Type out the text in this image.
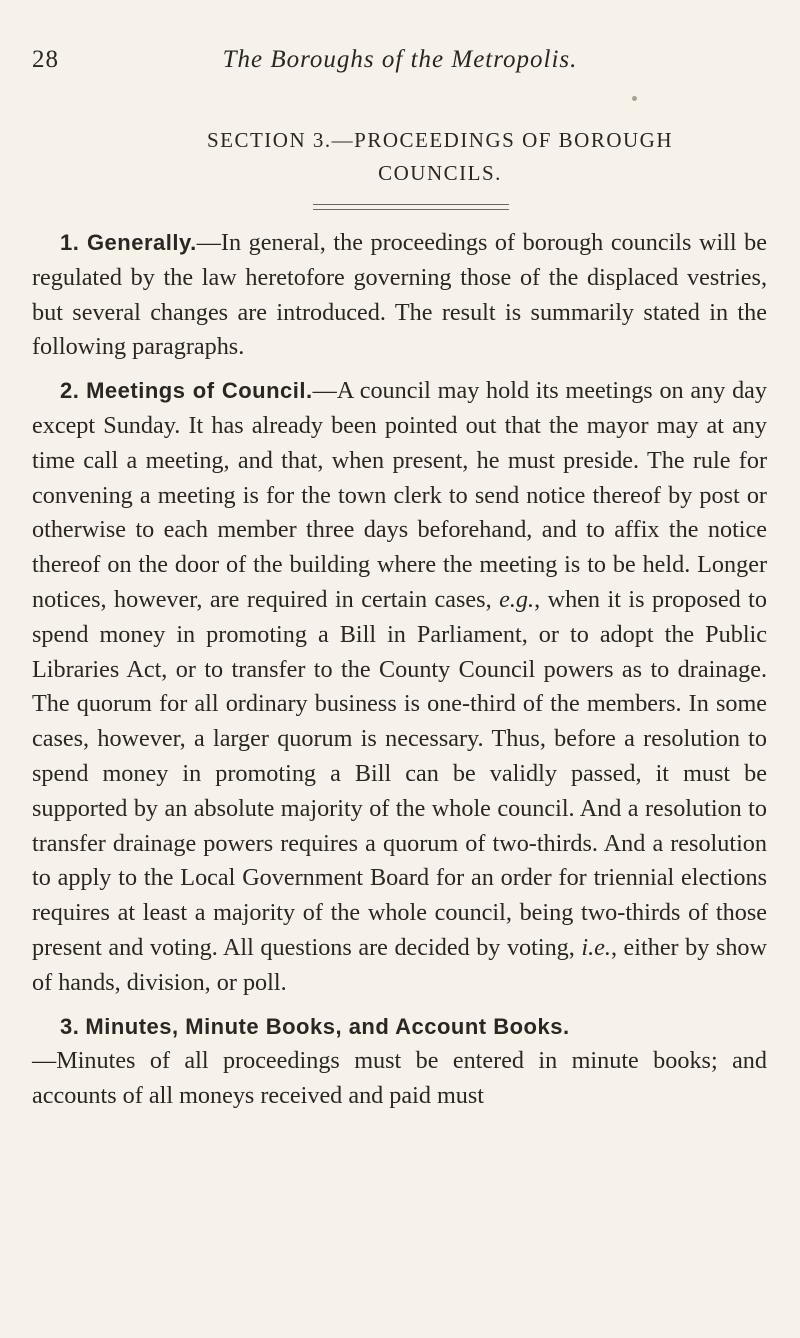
28	The Boroughs of the Metropolis.
SECTION 3.—PROCEEDINGS OF BOROUGH
COUNCILS.

1. Generally.—In general, the proceedings of borough councils will be regulated by the law heretofore governing those of the displaced vestries, but several changes are introduced. The result is summarily stated in the following paragraphs.

2. Meetings of Council.—A council may hold its meetings on any day except Sunday. It has already been pointed out that the mayor may at any time call a meeting, and that, when present, he must preside. The rule for convening a meeting is for the town clerk to send notice thereof by post or otherwise to each member three days beforehand, and to affix the notice thereof on the door of the building where the meeting is to be held. Longer notices, however, are required in certain cases, e.g., when it is proposed to spend money in promoting a Bill in Parliament, or to adopt the Public Libraries Act, or to transfer to the County Council powers as to drainage. The quorum for all ordinary business is one-third of the members. In some cases, however, a larger quorum is necessary. Thus, before a resolution to spend money in promoting a Bill can be validly passed, it must be supported by an absolute majority of the whole council. And a resolution to transfer drainage powers requires a quorum of two-thirds. And a resolution to apply to the Local Government Board for an order for triennial elections requires at least a majority of the whole council, being two-thirds of those present and voting. All questions are decided by voting, i.e., either by show of hands, division, or poll.

3. Minutes, Minute Books, and Account Books.
—Minutes of all proceedings must be entered in minute books; and accounts of all moneys received and paid must
